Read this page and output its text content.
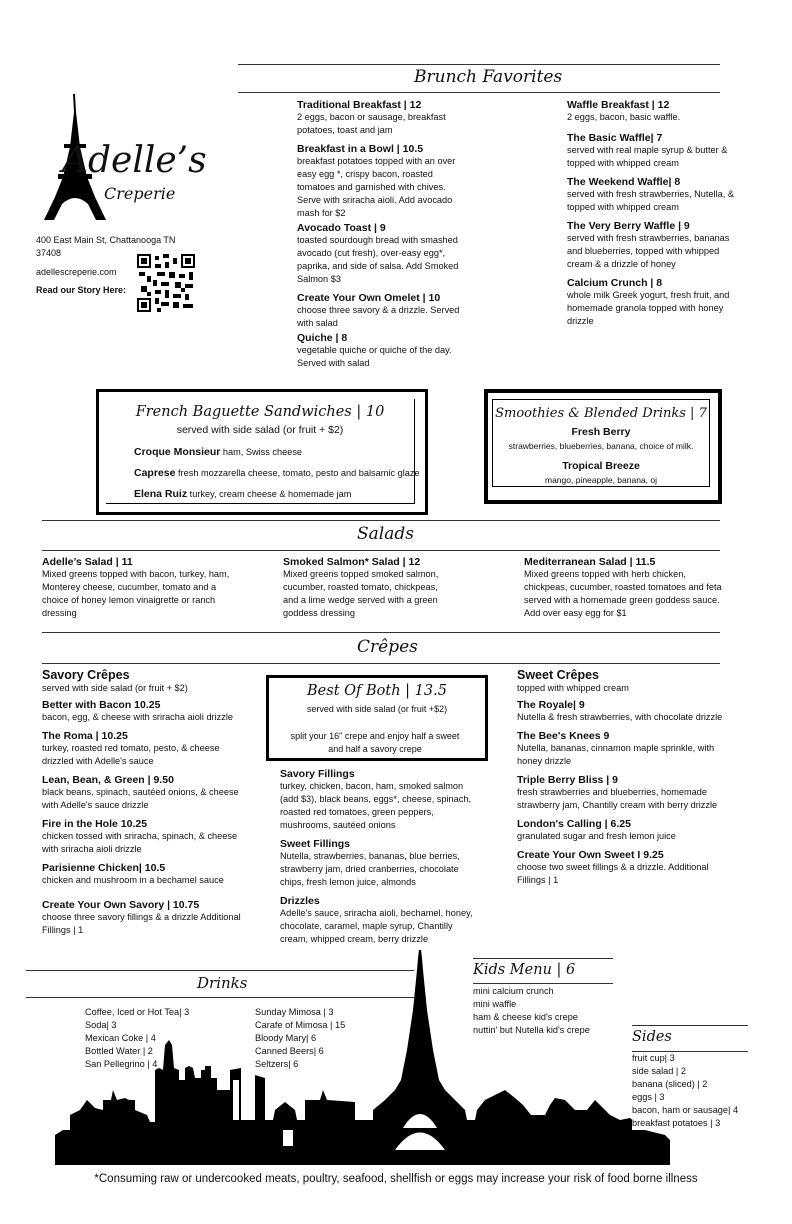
Adelle’s
Creperie
400 East Main St, Chattanooga TN
37408
adellescreperie.com
Read our Story Here:
Brunch Favorites
Traditional Breakfast | 12
2 eggs, bacon or sausage, breakfast potatoes, toast and jam
Breakfast in a Bowl | 10.5
breakfast potatoes topped with an over easy egg *, crispy bacon, roasted tomatoes and garnished with chives. Serve with sriracha aioli. Add avocado mash for $2
Avocado Toast | 9
toasted sourdough bread with smashed avocado (cut fresh), over-easy egg*, paprika, and side of salsa. Add Smoked Salmon $3
Create Your Own Omelet | 10
choose three savory & a drizzle. Served with salad
Quiche | 8
vegetable quiche or quiche of the day. Served with salad
Waffle Breakfast | 12
2 eggs, bacon, basic waffle.
The Basic Waffle| 7
served with real maple syrup & butter & topped with whipped cream
The Weekend Waffle| 8
served with fresh strawberries, Nutella, & topped with whipped cream
The Very Berry Waffle | 9
served with fresh strawberries, bananas and blueberries, topped with whipped cream & a drizzle of honey
Calcium Crunch | 8
whole milk Greek yogurt, fresh fruit, and homemade granola topped with honey drizzle
French Baguette Sandwiches | 10
served with side salad (or fruit + $2)
Croque Monsieur ham, Swiss cheese
Caprese fresh mozzarella cheese, tomato, pesto and balsamic glaze
Elena Ruiz turkey, cream cheese & homemade jam
Smoothies & Blended Drinks | 7
Fresh Berry
strawberries, blueberries, banana, choice of milk.
Tropical Breeze
mango, pineapple, banana, oj
Salads
Adelle’s Salad | 11
Mixed greens topped with bacon, turkey, ham, Monterey cheese, cucumber, tomato and a choice of honey lemon vinaigrette or ranch dressing
Smoked Salmon* Salad | 12
Mixed greens topped smoked salmon, cucumber, roasted tomato, chickpeas, and a lime wedge served with a green goddess dressing
Mediterranean Salad | 11.5
Mixed greens topped with herb chicken, chickpeas, cucumber, roasted tomatoes and feta served with a homemade green goddess sauce. Add over easy egg for $1
Crêpes
Savory Crêpes
served with side salad (or fruit + $2)
Better with Bacon 10.25
bacon, egg, & cheese with sriracha aioli drizzle
The Roma | 10.25
turkey, roasted red tomato, pesto, & cheese drizzled with Adelle's sauce
Lean, Bean, & Green | 9.50
black beans, spinach, sautéed onions, & cheese with Adelle's sauce drizzle
Fire in the Hole 10.25
chicken tossed with sriracha, spinach, & cheese with sriracha aioli drizzle
Parisienne Chicken| 10.5
chicken and mushroom in a bechamel sauce
Create Your Own Savory | 10.75
choose three savory fillings & a drizzle Additional Fillings | 1
Best Of Both | 13.5
served with side salad (or fruit +$2)
split your 16" crepe and enjoy half a sweet and half a savory crepe
Savory Fillings
turkey, chicken, bacon, ham, smoked salmon (add $3), black beans, eggs*, cheese, spinach, roasted red tomatoes, green peppers, mushrooms, sautéed onions
Sweet Fillings
Nutella, strawberries, bananas, blue berries, strawberry jam, dried cranberries, chocolate chips, fresh lemon juice, almonds
Drizzles
Adelle's sauce, sriracha aioli, bechamel, honey, chocolate, caramel, maple syrup, Chantilly cream, whipped cream, berry drizzle
Sweet Crêpes
topped with whipped cream
The Royale| 9
Nutella & fresh strawberries, with chocolate drizzle
The Bee's Knees 9
Nutella, bananas, cinnamon maple sprinkle, with honey drizzle
Triple Berry Bliss | 9
fresh strawberries and blueberries, homemade strawberry jam, Chantilly cream with berry drizzle
London's Calling | 6.25
granulated sugar and fresh lemon juice
Create Your Own Sweet I 9.25
choose two sweet fillings & a drizzle. Additional Fillings | 1
Drinks
Coffee, Iced or Hot Tea| 3
Soda| 3
Mexican Coke | 4
Bottled Water | 2
San Pellegrino | 4
Sunday Mimosa | 3
Carafe of Mimosa | 15
Bloody Mary| 6
Canned Beers| 6
Seltzers| 6
Kids Menu | 6
mini calcium crunch
mini waffle
ham & cheese kid's crepe
nuttin' but Nutella kid's crepe	Sides
fruit cup| 3
side salad | 2
banana (sliced) | 2
eggs | 3
bacon, ham or sausage| 4
breakfast potatoes | 3
*Consuming raw or undercooked meats, poultry, seafood, shellfish or eggs may increase your risk of food borne illness
